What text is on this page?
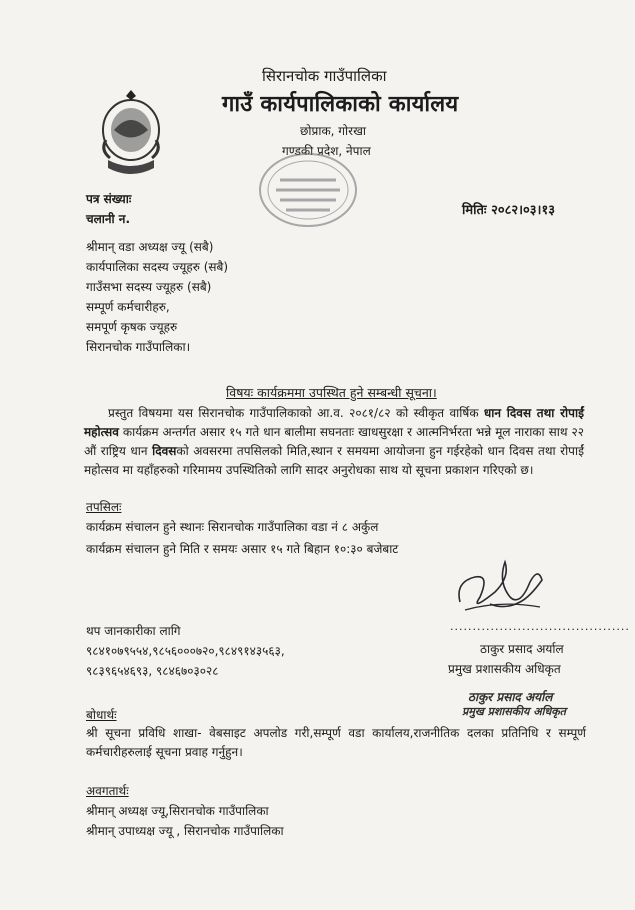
सिरानचोक गाउँपालिका
गाउँ कार्यपालिकाको कार्यालय
छोप्राक, गोरखा
गण्डकी प्रदेश, नेपाल
पत्र संख्याः
चलानी न.
मितिः २०८२।०३।१३
श्रीमान् वडा अध्यक्ष ज्यू (सबै)
कार्यपालिका सदस्य ज्यूहरु (सबै)
गाउँसभा सदस्य ज्यूहरु (सबै)
सम्पूर्ण कर्मचारीहरु,
समपूर्ण कृषक ज्यूहरु
सिरानचोक गाउँपालिका।
विषयः कार्यक्रममा उपस्थित हुने सम्बन्धी सूचना।
प्रस्तुत विषयमा यस सिरानचोक गाउँपालिकाको आ.व. २०८१/८२ को स्वीकृत वार्षिक धान दिवस तथा रोपाईं महोत्सव कार्यक्रम अन्तर्गत असार १५ गते धान बालीमा सघनताः खाधसुरक्षा र आत्मनिर्भरता भन्ने मूल नाराका साथ २२ औं राष्ट्रिय धान दिवसको अवसरमा तपसिलको मिति,स्थान र समयमा आयोजना हुन गईरहेको धान दिवस तथा रोपाईं महोत्सव मा यहाँहरुको गरिमामय उपस्थितिको लागि सादर अनुरोधका साथ यो सूचना प्रकाशन गरिएको छ।
तपसिलः
कार्यक्रम संचालन हुने स्थानः सिरानचोक गाउँपालिका वडा नं ८ अर्कुल
कार्यक्रम संचालन हुने मिति र समयः असार १५ गते बिहान १०:३० बजेबाट
थप जानकारीका लागि
९८४१०७९५५४,९८५६०००७२०,९८४९१४३५६३,
९८३९६५४६९३, ९८४६७०३०२८
........................................
ठाकुर प्रसाद अर्याल
प्रमुख प्रशासकीय अधिकृत
ठाकुर प्रसाद अर्याल
प्रमुख प्रशासकीय अधिकृत
बोधार्थः
श्री सूचना प्रविधि शाखा- वेबसाइट अपलोड गरी,सम्पूर्ण वडा कार्यालय,राजनीतिक दलका प्रतिनिधि र सम्पूर्ण कर्मचारीहरुलाई सूचना प्रवाह गर्नुहुन।
अवगतार्थः
श्रीमान् अध्यक्ष ज्यू,सिरानचोक गाउँपालिका
श्रीमान् उपाध्यक्ष ज्यू , सिरानचोक गाउँपालिका
